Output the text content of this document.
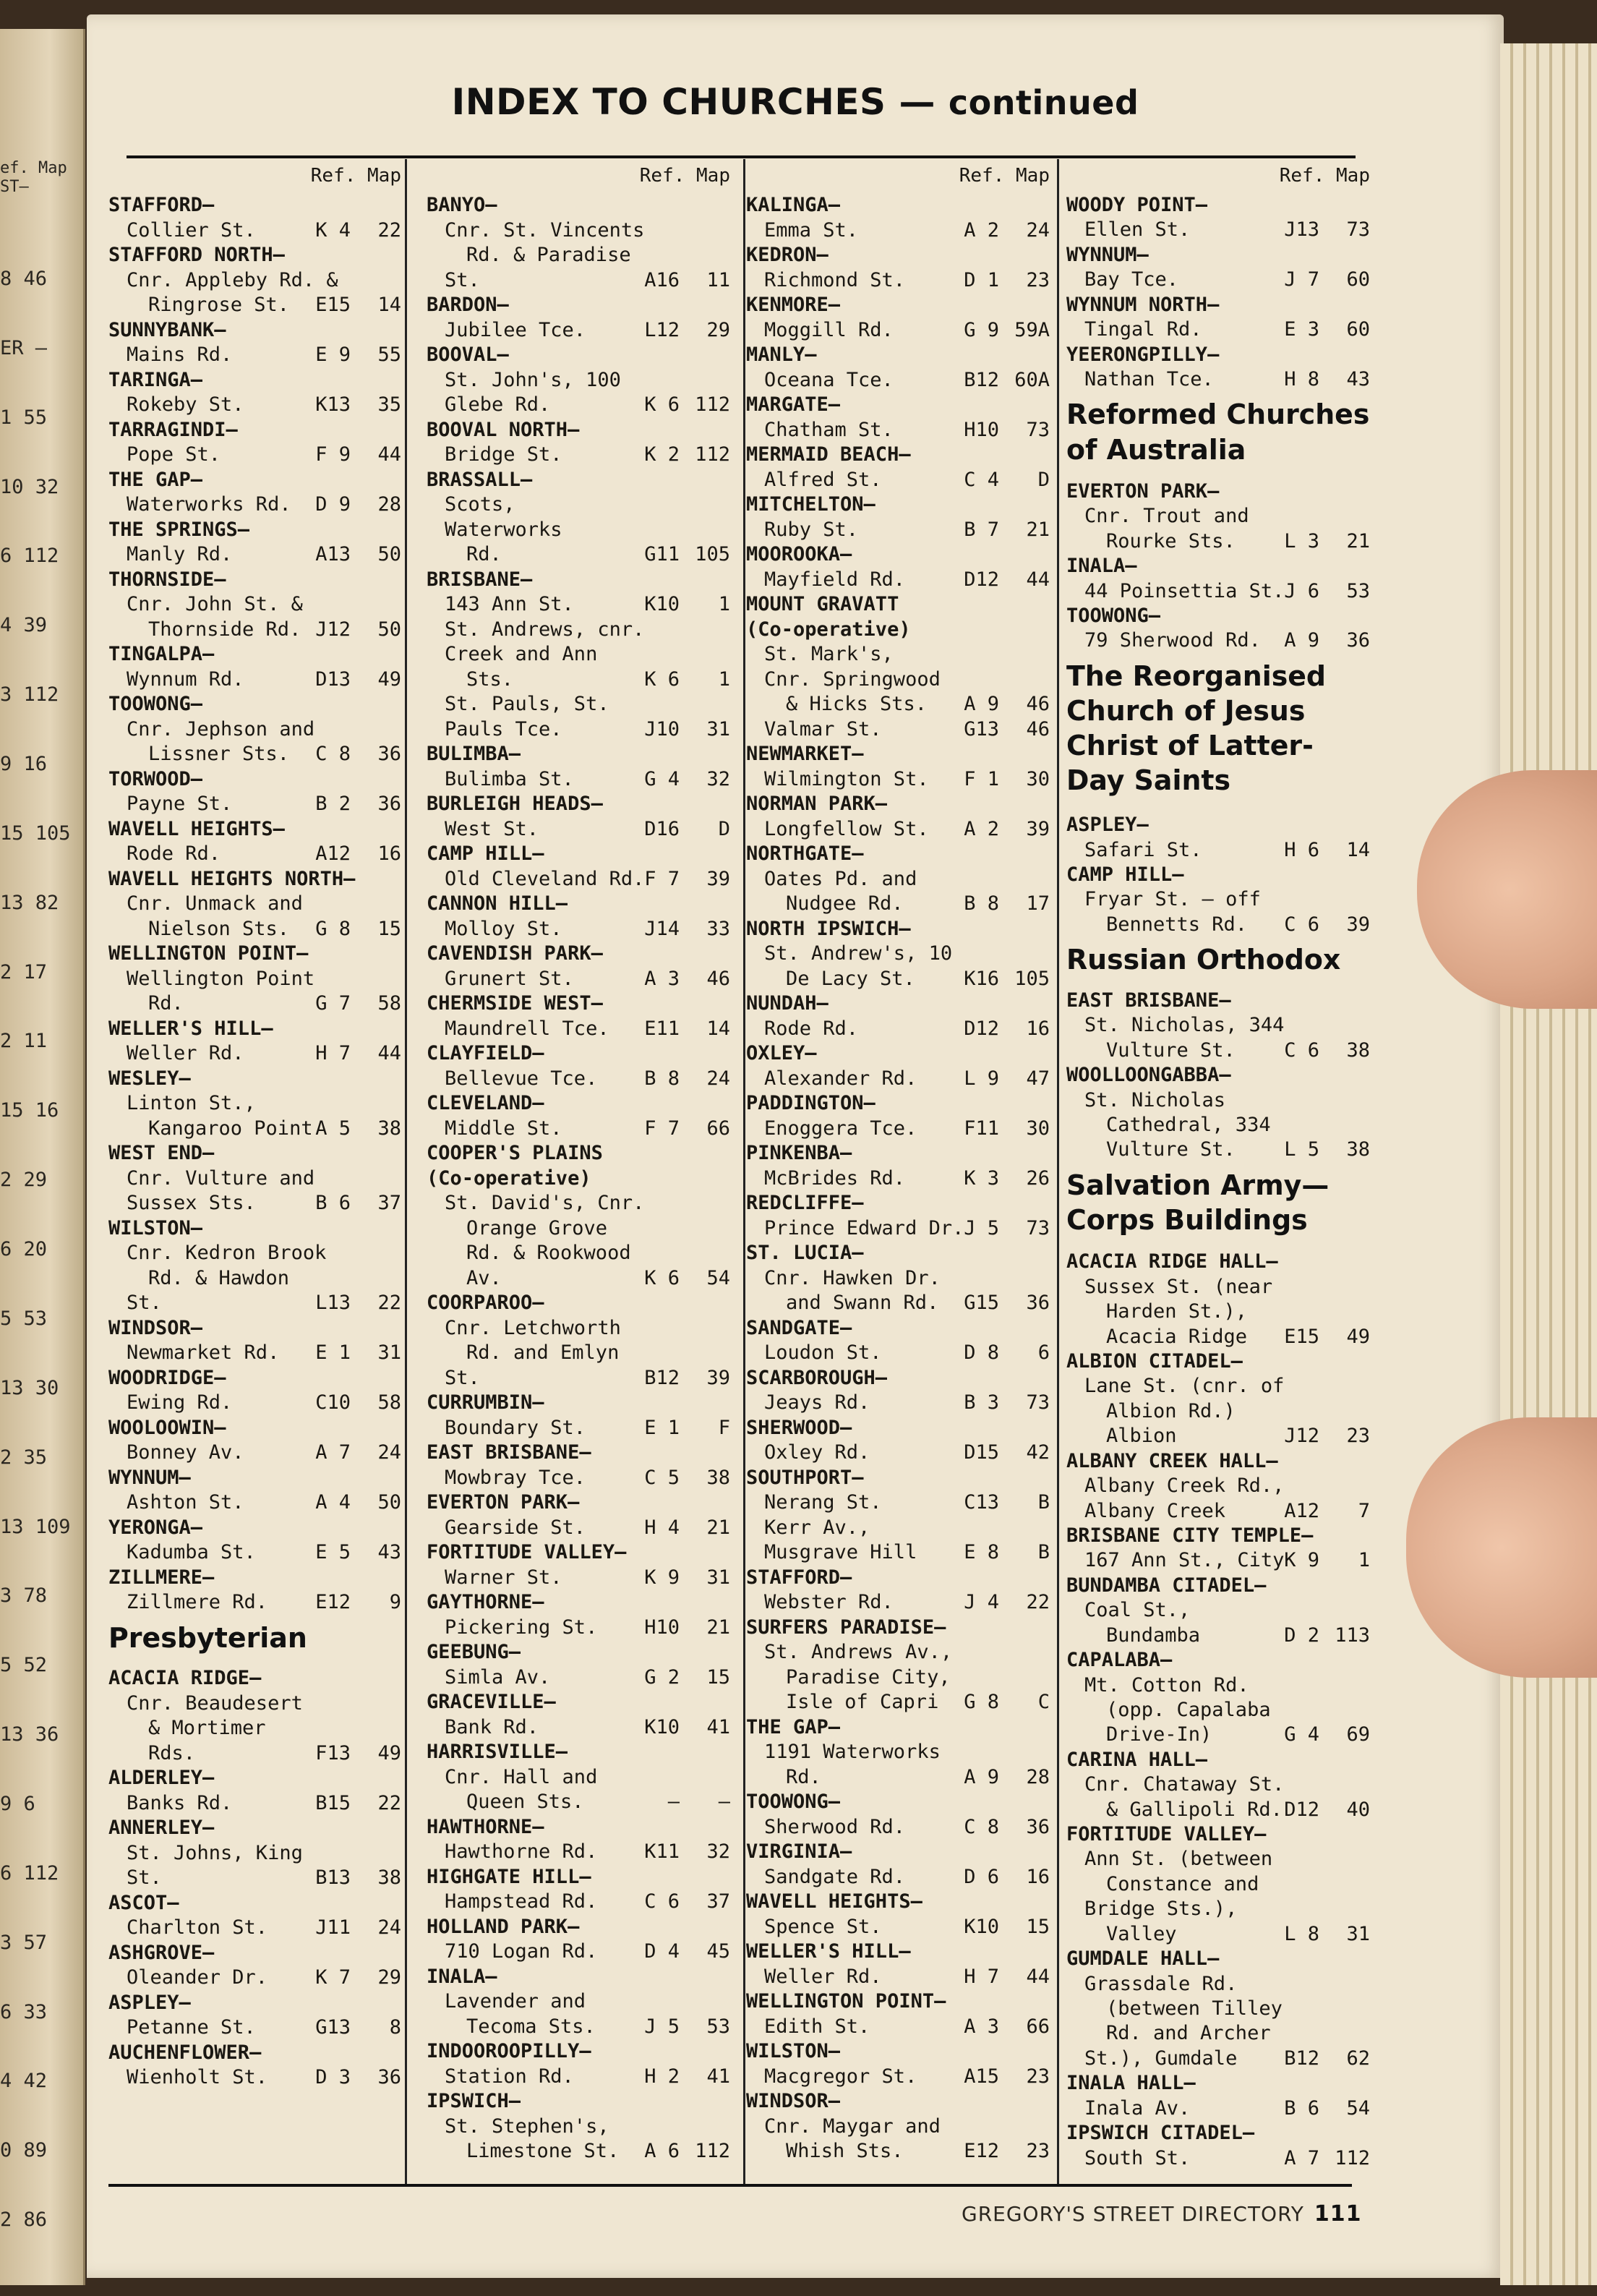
ef. Map
ST—
8 46
ER —
1 55
10 32
6 112
4 39
3 112
9 16
15 105
13 82
2 17
2 11
15 16
2 29
6 20
5 53
13 30
2 35
13 109
3 78
5 52
13 36
9 6
6 112
3 57
6 33
4 42
0 89
2 86
INDEX TO CHURCHES — continued
Ref. Map
STAFFORD—
Collier St.	K 4 22
STAFFORD NORTH—
Cnr. Appleby Rd. &
Ringrose St. E15 14
SUNNYBANK—
Mains Rd.	E 9 55
TARINGA—
Rokeby St.	K13 35
TARRAGINDI—
Pope St.	F 9 44
THE GAP—
Waterworks Rd. D 9 28
THE SPRINGS—
Manly Rd.	A13 50
THORNSIDE—
Cnr. John St. &
Thornside Rd. J12 50
TINGALPA—
Wynnum Rd.	D13 49
TOOWONG—
Cnr. Jephson and
Lissner Sts. C 8 36
TORWOOD—
Payne St.	B 2 36
WAVELL HEIGHTS—
Rode Rd.	A12 16
WAVELL HEIGHTS NORTH—
Cnr. Unmack and
Nielson Sts. G 8 15
WELLINGTON POINT—
Wellington Point
Rd.	G 7 58
WELLER'S HILL—
Weller Rd.	H 7 44
WESLEY—
Linton St.,
Kangaroo Point A 5 38
WEST END—
Cnr. Vulture and
Sussex Sts.	B 6 37
WILSTON—
Cnr. Kedron Brook
Rd. & Hawdon
St.	L13 22
WINDSOR—
Newmarket Rd. E 1 31
WOODRIDGE—
Ewing Rd.	C10 58
WOOLOOWIN—
Bonney Av.	A 7 24
WYNNUM—
Ashton St.	A 4 50
YERONGA—
Kadumba St.	E 5 43
ZILLMERE—
Zillmere Rd. E12 9
Presbyterian
ACACIA RIDGE—
Cnr. Beaudesert
& Mortimer
Rds.	F13 49
ALDERLEY—
Banks Rd.	B15 22
ANNERLEY—
St. Johns, King
St.	B13 38
ASCOT—
Charlton St. J11 24
ASHGROVE—
Oleander Dr. K 7 29
ASPLEY—
Petanne St.	G13 8
AUCHENFLOWER—
Wienholt St. D 3 36
Ref. Map
BANYO—
Cnr. St. Vincents
Rd. & Paradise
St.	A16 11
BARDON—
Jubilee Tce.	L12 29
BOOVAL—
St. John's, 100
Glebe Rd.	K 6 112
BOOVAL NORTH—
Bridge St.	K 2 112
BRASSALL—
Scots,
Waterworks
Rd.	G11 105
BRISBANE—
143 Ann St.	K10 1
St. Andrews, cnr.
Creek and Ann
Sts.	K 6 1
St. Pauls, St.
Pauls Tce.	J10 31
BULIMBA—
Bulimba St.	G 4 32
BURLEIGH HEADS—
West St.	D16 D
CAMP HILL—
Old Cleveland Rd. F 7 39
CANNON HILL—
Molloy St.	J14 33
CAVENDISH PARK—
Grunert St.	A 3 46
CHERMSIDE WEST—
Maundrell Tce. E11 14
CLAYFIELD—
Bellevue Tce. B 8 24
CLEVELAND—
Middle St.	F 7 66
COOPER'S PLAINS
(Co-operative)
St. David's, Cnr.
Orange Grove
Rd. & Rookwood
Av.	K 6 54
COORPAROO—
Cnr. Letchworth
Rd. and Emlyn
St.	B12 39
CURRUMBIN—
Boundary St.	E 1 F
EAST BRISBANE—
Mowbray Tce.	C 5 38
EVERTON PARK—
Gearside St.	H 4 21
FORTITUDE VALLEY—
Warner St.	K 9 31
GAYTHORNE—
Pickering St. H10 21
GEEBUNG—
Simla Av.	G 2 15
GRACEVILLE—
Bank Rd.	K10 41
HARRISVILLE—
Cnr. Hall and
Queen Sts.	— —
HAWTHORNE—
Hawthorne Rd. K11 32
HIGHGATE HILL—
Hampstead Rd. C 6 37
HOLLAND PARK—
710 Logan Rd. D 4 45
INALA—
Lavender and
Tecoma Sts. J 5 53
INDOOROOPILLY—
Station Rd.	H 2 41
IPSWICH—
St. Stephen's,
Limestone St. A 6 112
Ref. Map
KALINGA—
Emma St.	A 2 24
KEDRON—
Richmond St.	D 1 23
KENMORE—
Moggill Rd.	G 9 59A
MANLY—
Oceana Tce.	B12 60A
MARGATE—
Chatham St.	H10 73
MERMAID BEACH—
Alfred St.	C 4 D
MITCHELTON—
Ruby St.	B 7 21
MOOROOKA—
Mayfield Rd.	D12 44
MOUNT GRAVATT
(Co-operative)
St. Mark's,
Cnr. Springwood
& Hicks Sts. A 9 46
Valmar St.	G13 46
NEWMARKET—
Wilmington St. F 1 30
NORMAN PARK—
Longfellow St. A 2 39
NORTHGATE—
Oates Pd. and
Nudgee Rd.	B 8 17
NORTH IPSWICH—
St. Andrew's, 10
De Lacy St. K16 105
NUNDAH—
Rode Rd.	D12 16
OXLEY—
Alexander Rd. L 9 47
PADDINGTON—
Enoggera Tce. F11 30
PINKENBA—
McBrides Rd.	K 3 26
REDCLIFFE—
Prince Edward Dr. J 5 73
ST. LUCIA—
Cnr. Hawken Dr.
and Swann Rd. G15 36
SANDGATE—
Loudon St.	D 8 6
SCARBOROUGH—
Jeays Rd.	B 3 73
SHERWOOD—
Oxley Rd.	D15 42
SOUTHPORT—
Nerang St.	C13 B
Kerr Av.,
Musgrave Hill E 8 B
STAFFORD—
Webster Rd.	J 4 22
SURFERS PARADISE—
St. Andrews Av.,
Paradise City,
Isle of Capri G 8 C
THE GAP—
1191 Waterworks
Rd.	A 9 28
TOOWONG—
Sherwood Rd.	C 8 36
VIRGINIA—
Sandgate Rd.	D 6 16
WAVELL HEIGHTS—
Spence St.	K10 15
WELLER'S HILL—
Weller Rd.	H 7 44
WELLINGTON POINT—
Edith St.	A 3 66
WILSTON—
Macgregor St. A15 23
WINDSOR—
Cnr. Maygar and
Whish Sts.	E12 23
Ref. Map
WOODY POINT—
Ellen St.	J13 73
WYNNUM—
Bay Tce.	J 7 60
WYNNUM NORTH—
Tingal Rd.	E 3 60
YEERONGPILLY—
Nathan Tce.	H 8 43
Reformed Churches of Australia
EVERTON PARK—
Cnr. Trout and
Rourke Sts. L 3 21
INALA—
44 Poinsettia St. J 6 53
TOOWONG—
79 Sherwood Rd. A 9 36
The Reorganised Church of Jesus Christ of Latter-Day Saints
ASPLEY—
Safari St.	H 6 14
CAMP HILL—
Fryar St. — off
Bennetts Rd. C 6 39
Russian Orthodox
EAST BRISBANE—
St. Nicholas, 344
Vulture St. C 6 38
WOOLLOONGABBA—
St. Nicholas
Cathedral, 334
Vulture St. L 5 38
Salvation Army— Corps Buildings
ACACIA RIDGE HALL—
Sussex St. (near
Harden St.),
Acacia Ridge E15 49
ALBION CITADEL—
Lane St. (cnr. of
Albion Rd.)
Albion	J12 23
ALBANY CREEK HALL—
Albany Creek Rd.,
Albany Creek	A12 7
BRISBANE CITY TEMPLE—
167 Ann St., City K 9 1
BUNDAMBA CITADEL—
Coal St.,
Bundamba	D 2 113
CAPALABA—
Mt. Cotton Rd.
(opp. Capalaba
Drive-In)	G 4 69
CARINA HALL—
Cnr. Chataway St.
& Gallipoli Rd. D12 40
FORTITUDE VALLEY—
Ann St. (between
Constance and
Bridge Sts.),
Valley	L 8 31
GUMDALE HALL—
Grassdale Rd.
(between Tilley
Rd. and Archer
St.), Gumdale B12 62
INALA HALL—
Inala Av.	B 6 54
IPSWICH CITADEL—
South St.	A 7 112
GREGORY'S STREET DIRECTORY 111
